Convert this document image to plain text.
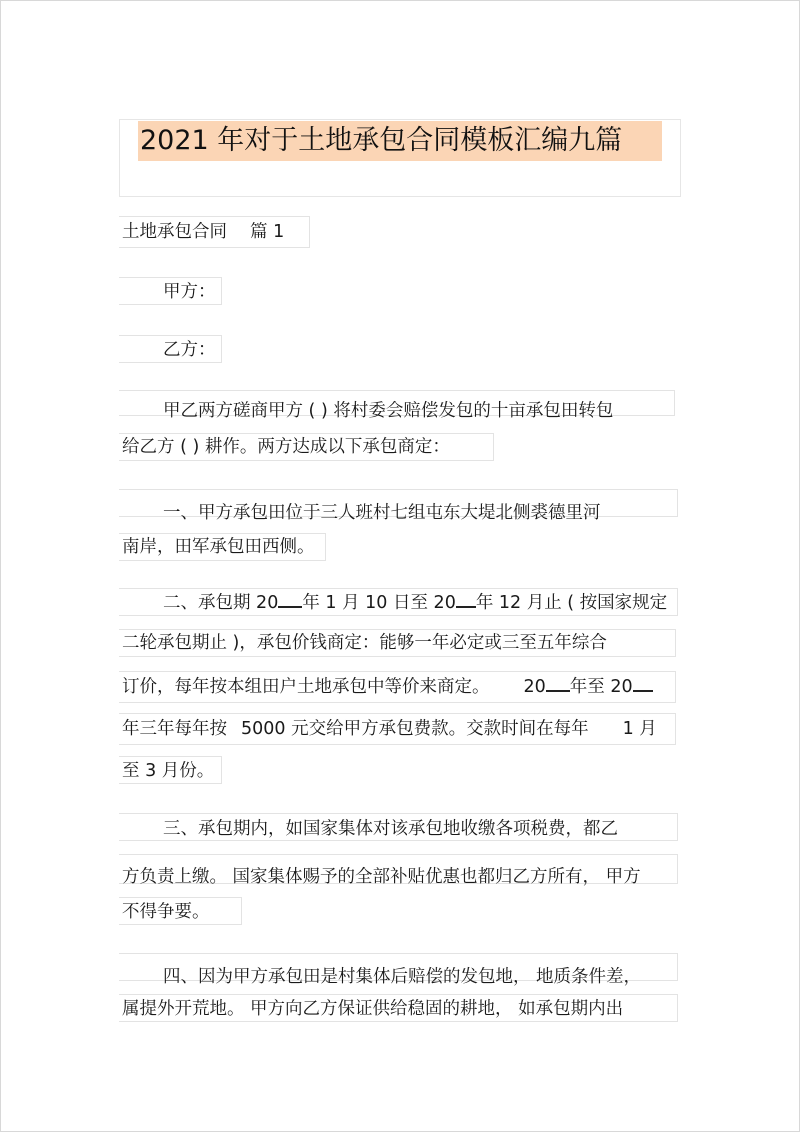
2021 年对于土地承包合同模板汇编九篇
土地承包合同　 篇 1
甲方：
乙方：
甲乙两方磋商甲方 ( ) 将村委会赔偿发包的十亩承包田转包
给乙方 ( ) 耕作。两方达成以下承包商定：
一、甲方承包田位于三人班村七组屯东大堤北侧裘德里河
南岸，田军承包田西侧。
二、承包期 20 年 1 月 10 日至 20 年 12 月止 ( 按国家规定
二轮承包期止 )，承包价钱商定：能够一年必定或三至五年综合
订价，每年按本组田户土地承包中等价来商定。 20 年至 20
年三年每年按 5000 元交给甲方承包费款。交款时间在每年 1 月
至 3 月份。
三、承包期内，如国家集体对该承包地收缴各项税费，都乙
方负责上缴。 国家集体赐予的全部补贴优惠也都归乙方所有， 甲方
不得争要。
四、因为甲方承包田是村集体后赔偿的发包地， 地质条件差，
属提外开荒地。 甲方向乙方保证供给稳固的耕地， 如承包期内出
